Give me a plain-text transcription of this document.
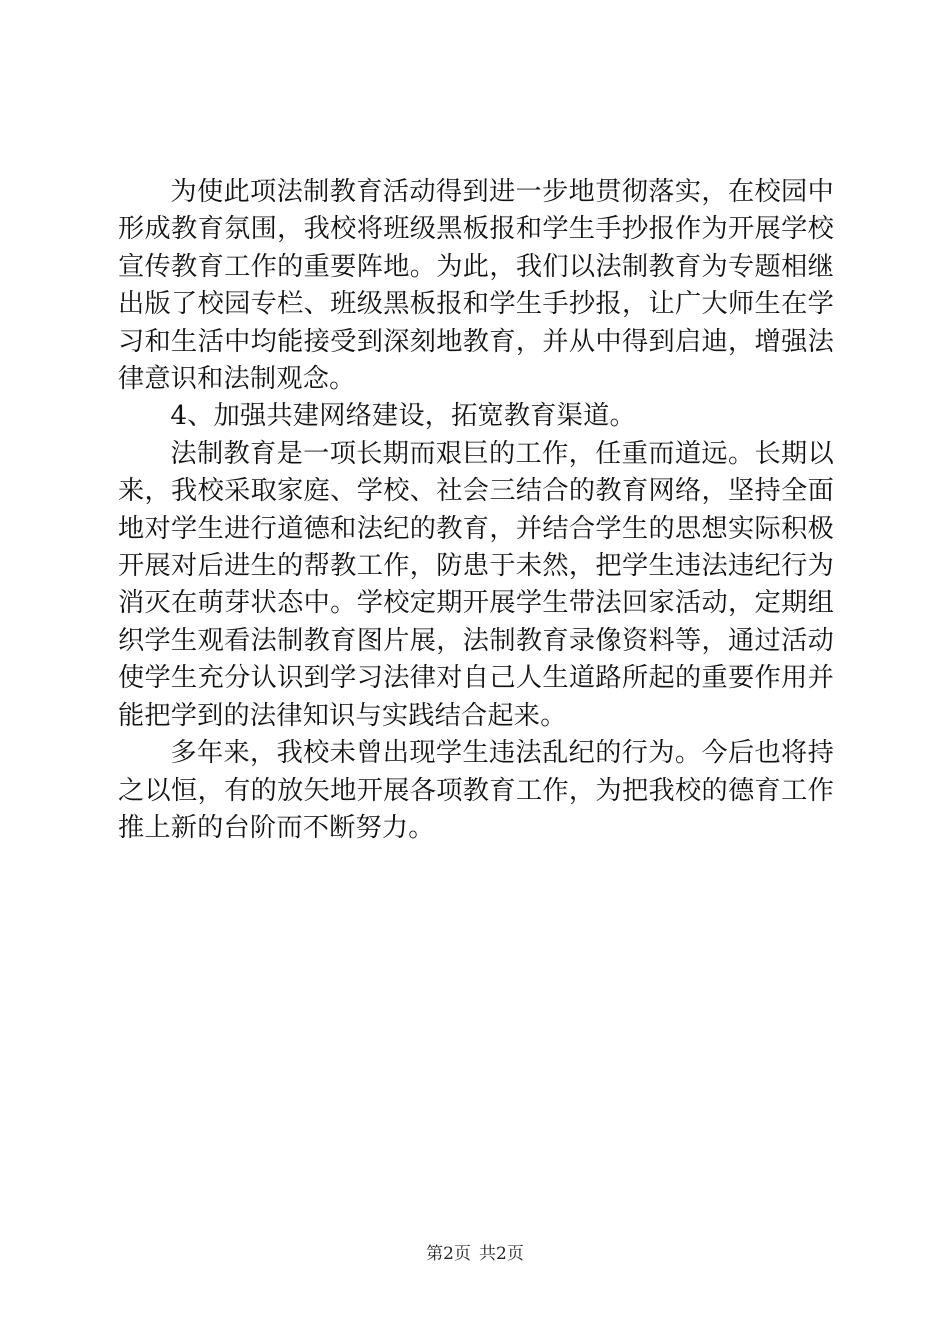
为使此项法制教育活动得到进一步地贯彻落实，在校园中形成教育氛围，我校将班级黑板报和学生手抄报作为开展学校宣传教育工作的重要阵地。为此，我们以法制教育为专题相继出版了校园专栏、班级黑板报和学生手抄报，让广大师生在学习和生活中均能接受到深刻地教育，并从中得到启迪，增强法律意识和法制观念。

4、加强共建网络建设，拓宽教育渠道。

法制教育是一项长期而艰巨的工作，任重而道远。长期以来，我校采取家庭、学校、社会三结合的教育网络，坚持全面地对学生进行道德和法纪的教育，并结合学生的思想实际积极开展对后进生的帮教工作，防患于未然，把学生违法违纪行为消灭在萌芽状态中。学校定期开展学生带法回家活动，定期组织学生观看法制教育图片展，法制教育录像资料等，通过活动使学生充分认识到学习法律对自己人生道路所起的重要作用并能把学到的法律知识与实践结合起来。

多年来，我校未曾出现学生违法乱纪的行为。今后也将持之以恒，有的放矢地开展各项教育工作，为把我校的德育工作推上新的台阶而不断努力。

第2页 共2页
